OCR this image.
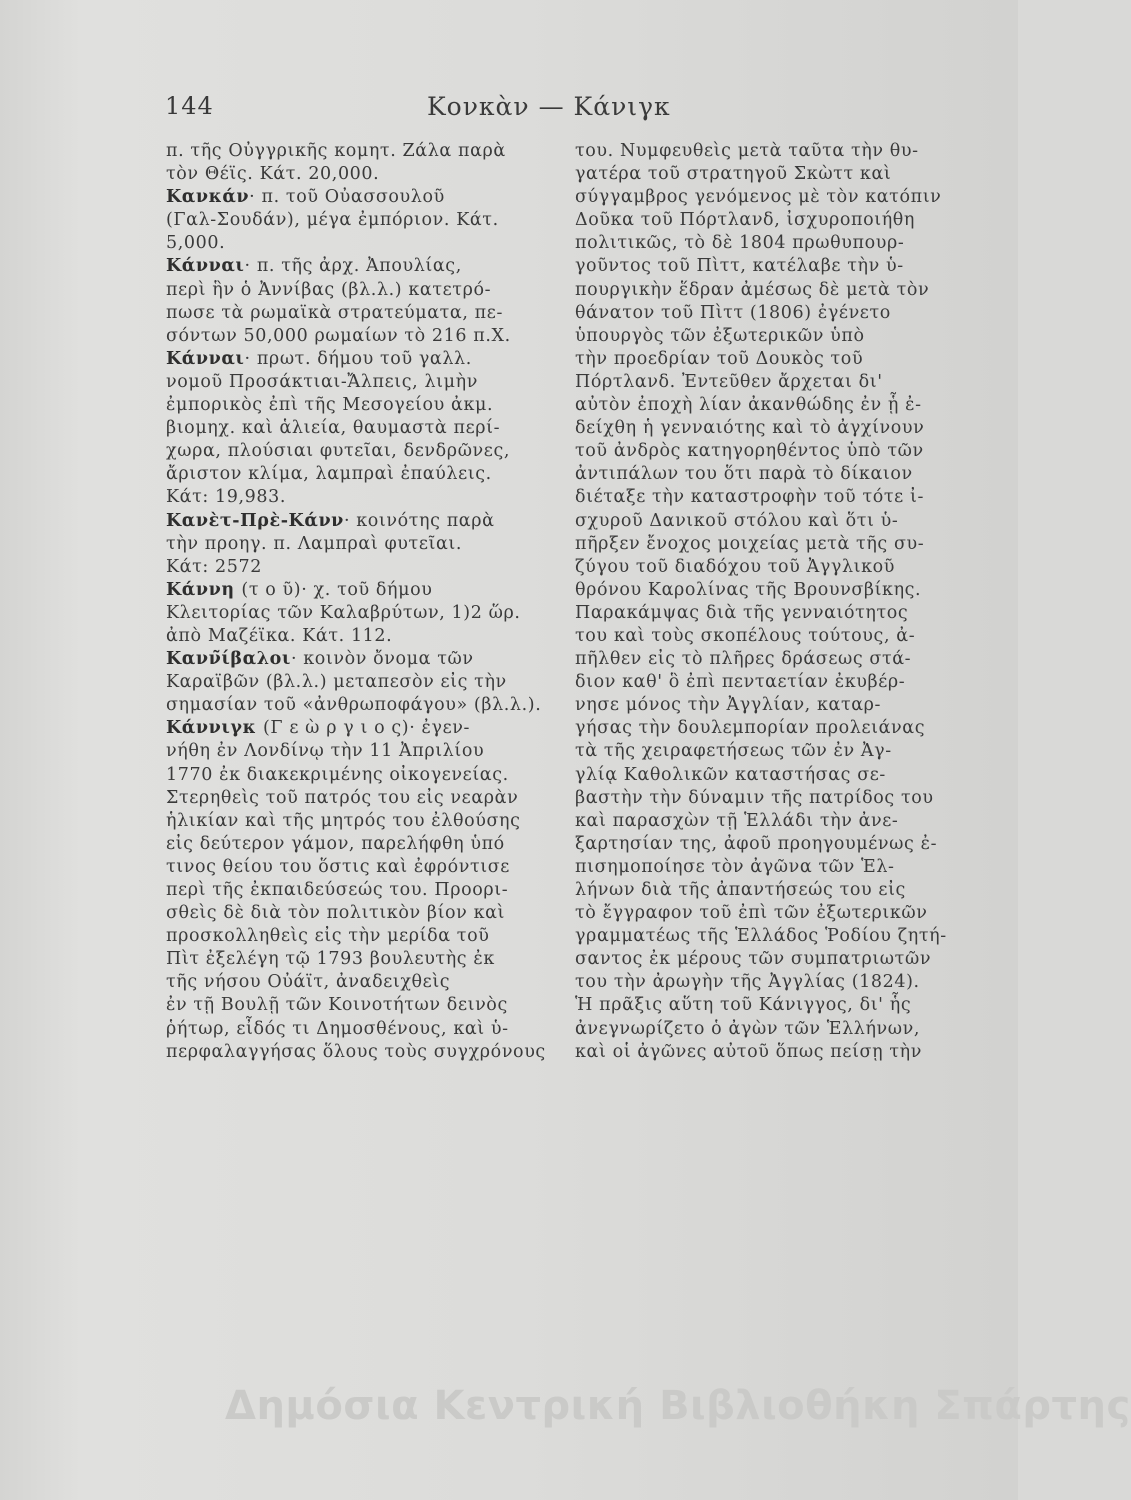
144	Κονκὰν — Κάνιγκ

π. τῆς Οὐγγρικῆς κομητ. Ζάλα παρὰ

τὸν Θέϊς. Κάτ. 20,000.

Κανκάν· π. τοῦ Οὐασσουλοῦ

(Γαλ-Σουδάν), μέγα ἐμπόριον. Κάτ.

5,000.

Κάνναι· π. τῆς ἀρχ. Ἀπουλίας,

περὶ ἣν ὁ Ἀννίβας (βλ.λ.) κατετρό-

πωσε τὰ ρωμαϊκὰ στρατεύματα, πε-

σόντων 50,000 ρωμαίων τὸ 216 π.Χ.

Κάνναι· πρωτ. δήμου τοῦ γαλλ.

νομοῦ Προσάκτιαι-Ἄλπεις, λιμὴν

ἐμπορικὸς ἐπὶ τῆς Μεσογείου ἀκμ.

βιομηχ. καὶ ἁλιεία, θαυμαστὰ περί-

χωρα, πλούσιαι φυτεῖαι, δενδρῶνες,

ἄριστον κλίμα, λαμπραὶ ἐπαύλεις.

Κάτ: 19,983.

Κανὲτ-Πρὲ-Κάνν· κοινότης παρὰ

τὴν προηγ. π. Λαμπραὶ φυτεῖαι.

Κάτ: 2572

Κάννη (τ ο ῦ)· χ. τοῦ δήμου

Κλειτορίας τῶν Καλαβρύτων, 1)2 ὥρ.

ἀπὸ Μαζέϊκα. Κάτ. 112.

Κανν̃ίβαλοι· κοινὸν ὄνομα τῶν

Καραϊβῶν (βλ.λ.) μεταπεσὸν εἰς τὴν

σημασίαν τοῦ «ἀνθρωποφάγου» (βλ.λ.).

Κάννιγκ (Γ ε ὼ ρ γ ι ο ς)· ἐγεν-

νήθη ἐν Λονδίνῳ τὴν 11 Ἀπριλίου

1770 ἐκ διακεκριμένης οἰκογενείας.

Στερηθεὶς τοῦ πατρός του εἰς νεαρὰν

ἡλικίαν καὶ τῆς μητρός του ἐλθούσης

εἰς δεύτερον γάμον, παρελήφθη ὑπό

τινος θείου του ὅστις καὶ ἐφρόντισε

περὶ τῆς ἐκπαιδεύσεώς του. Προορι-

σθεὶς δὲ διὰ τὸν πολιτικὸν βίον καὶ

προσκολληθεὶς εἰς τὴν μερίδα τοῦ

Πὶτ ἐξελέγη τῷ 1793 βουλευτὴς ἐκ

τῆς νήσου Οὐάϊτ, ἀναδειχθεὶς

ἐν τῇ Βουλῇ τῶν Κοινοτήτων δεινὸς

ῥήτωρ, εἶδός τι Δημοσθένους, καὶ ὑ-

περφαλαγγήσας ὅλους τοὺς συγχρόνους

του. Νυμφευθεὶς μετὰ ταῦτα τὴν θυ-

γατέρα τοῦ στρατηγοῦ Σκὼττ καὶ

σύγγαμβρος γενόμενος μὲ τὸν κατόπιν

Δοῦκα τοῦ Πόρτλανδ, ἰσχυροποιήθη

πολιτικῶς, τὸ δὲ 1804 πρωθυπουρ-

γοῦντος τοῦ Πὶττ, κατέλαβε τὴν ὑ-

πουργικὴν ἕδραν ἀμέσως δὲ μετὰ τὸν

θάνατον τοῦ Πὶττ (1806) ἐγένετο

ὑπουργὸς τῶν ἐξωτερικῶν ὑπὸ

τὴν προεδρίαν τοῦ Δουκὸς τοῦ

Πόρτλανδ. Ἐντεῦθεν ἄρχεται δι'

αὐτὸν ἐποχὴ λίαν ἀκανθώδης ἐν ᾗ ἐ-

δείχθη ἡ γενναιότης καὶ τὸ ἀγχίνουν

τοῦ ἀνδρὸς κατηγορηθέντος ὑπὸ τῶν

ἀντιπάλων του ὅτι παρὰ τὸ δίκαιον

διέταξε τὴν καταστροφὴν τοῦ τότε ἰ-

σχυροῦ Δανικοῦ στόλου καὶ ὅτι ὑ-

πῆρξεν ἔνοχος μοιχείας μετὰ τῆς συ-

ζύγου τοῦ διαδόχου τοῦ Ἀγγλικοῦ

θρόνου Καρολίνας τῆς Βρουνσβίκης.

Παρακάμψας διὰ τῆς γενναιότητος

του καὶ τοὺς σκοπέλους τούτους, ἀ-

πῆλθεν εἰς τὸ πλῆρες δράσεως στά-

διον καθ' ὃ ἐπὶ πενταετίαν ἐκυβέρ-

νησε μόνος τὴν Ἀγγλίαν, καταρ-

γήσας τὴν δουλεμπορίαν προλειάνας

τὰ τῆς χειραφετήσεως τῶν ἐν Ἀγ-

γλίᾳ Καθολικῶν καταστήσας σε-

βαστὴν τὴν δύναμιν τῆς πατρίδος του

καὶ παρασχὼν τῇ Ἑλλάδι τὴν ἀνε-

ξαρτησίαν της, ἀφοῦ προηγουμένως ἐ-

πισημοποίησε τὸν ἀγῶνα τῶν Ἑλ-

λήνων διὰ τῆς ἀπαντήσεώς του εἰς

τὸ ἔγγραφον τοῦ ἐπὶ τῶν ἐξωτερικῶν

γραμματέως τῆς Ἑλλάδος Ῥοδίου ζητή-

σαντος ἐκ μέρους τῶν συμπατριωτῶν

του τὴν ἀρωγὴν τῆς Ἀγγλίας (1824).

Ἡ πρᾶξις αὕτη τοῦ Κάνιγγος, δι' ἧς

ἀνεγνωρίζετο ὁ ἀγὼν τῶν Ἑλλήνων,

καὶ οἱ ἀγῶνες αὐτοῦ ὅπως πείσῃ τὴν

Δημόσια Κεντρική Βιβλιοθήκη Σπάρτης
